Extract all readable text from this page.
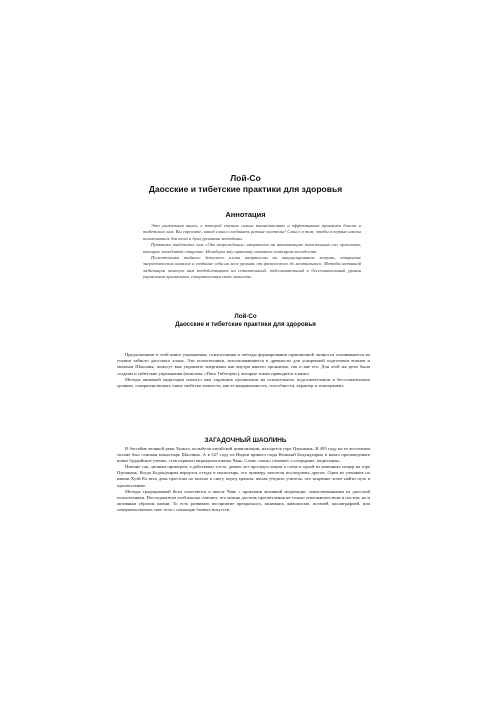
Лой-Со
Даосские и тибетские практики для здоровья
Аннотация

Эта уникальная книга, о которой сказано самые таинственные и эффективные практики даосов и тибетских лам. Вы спросите, какой смысл соединять разные системы? Смысл в том, чтобы в первые школы пользоваться для тела и духа уровнями методами.

Практика тибетских лам «Око возрождения» направлена на активизацию пониженных сил организма, которые замедляют старение. Нелидеры эту практику называли эликсиром молодости.

Психотехники тайного даосского клана направлены на аккумулирование энергии, открытие энергетических каналов и создание себя на всех уровнях от физического до ментального. Методы активной медитации помогут вам воздействовать на сознательный, подсознательный и бессознательный уровни управления организмом, совершенствуя свою личность.

Лой-Со
Даосские и тибетские практики для здоровья

Предложенные в этой книге упражнения, психотехники и методы формирования гармоничной личности основываются на учении тайного даосского клана. Эти психотехники, использовавшиеся в древности для ускоренной подготовки воинов и монахов Шаолиня, помогут вам управлять энергиями как внутри вашего организма, так и вне его. Для этой же цели были созданы и тибетские упражнения (комплекс «Пять Тибетцев»), которые также приводятся в книге.

Методы активной медитации помогут вам управлять организмом на сознательном, подсознательном и бессознательном уровнях, совершенствовать такие свойства личности, как ее направленность, способности, характер и темперамент.

ЗАГАДОЧНЫЙ ШАОЛИНЬ

В бассейне великой реки Хуанхэ, колыбели китайской цивилизации, находится гора Цзуншань. В 495 году на ее восточном склоне был основан монастырь Шаолинь. А в 527 году из Индии пришел сюда Великий Бодхидхарма и начал проповедовать новое буддийское учение, став первым патриархом школы Чань. Слово «чань» означает «созерцание, медитация».

Именно так, личным примером, а действовал гость: девять лет просидел лицом к стене в одной из каменных пещер на горе Цзуншань. Когда Бодхидхарма вернулся оттуда в монастырь, его примеру захотели последовать другие. Один из учеников по имени Хуэй Кэ весь день простоял по колено в снегу перед храмом, желая убедить учителя, что искренне хочет найти путь к просветлению.

Методы традиционной йоги сочетаются в школе Чань с приемами активной медитации, заимствованными из даосской психотехники. Последователи этой школы считают, что можно достичь просветления не только отшельничеством и постом, но и активным образом жизни. То есть развивать восприятие прекрасного, занимаясь живописью, поэзией, каллиграфией, или совершенствовать свое тело с помощью боевых искусств.
